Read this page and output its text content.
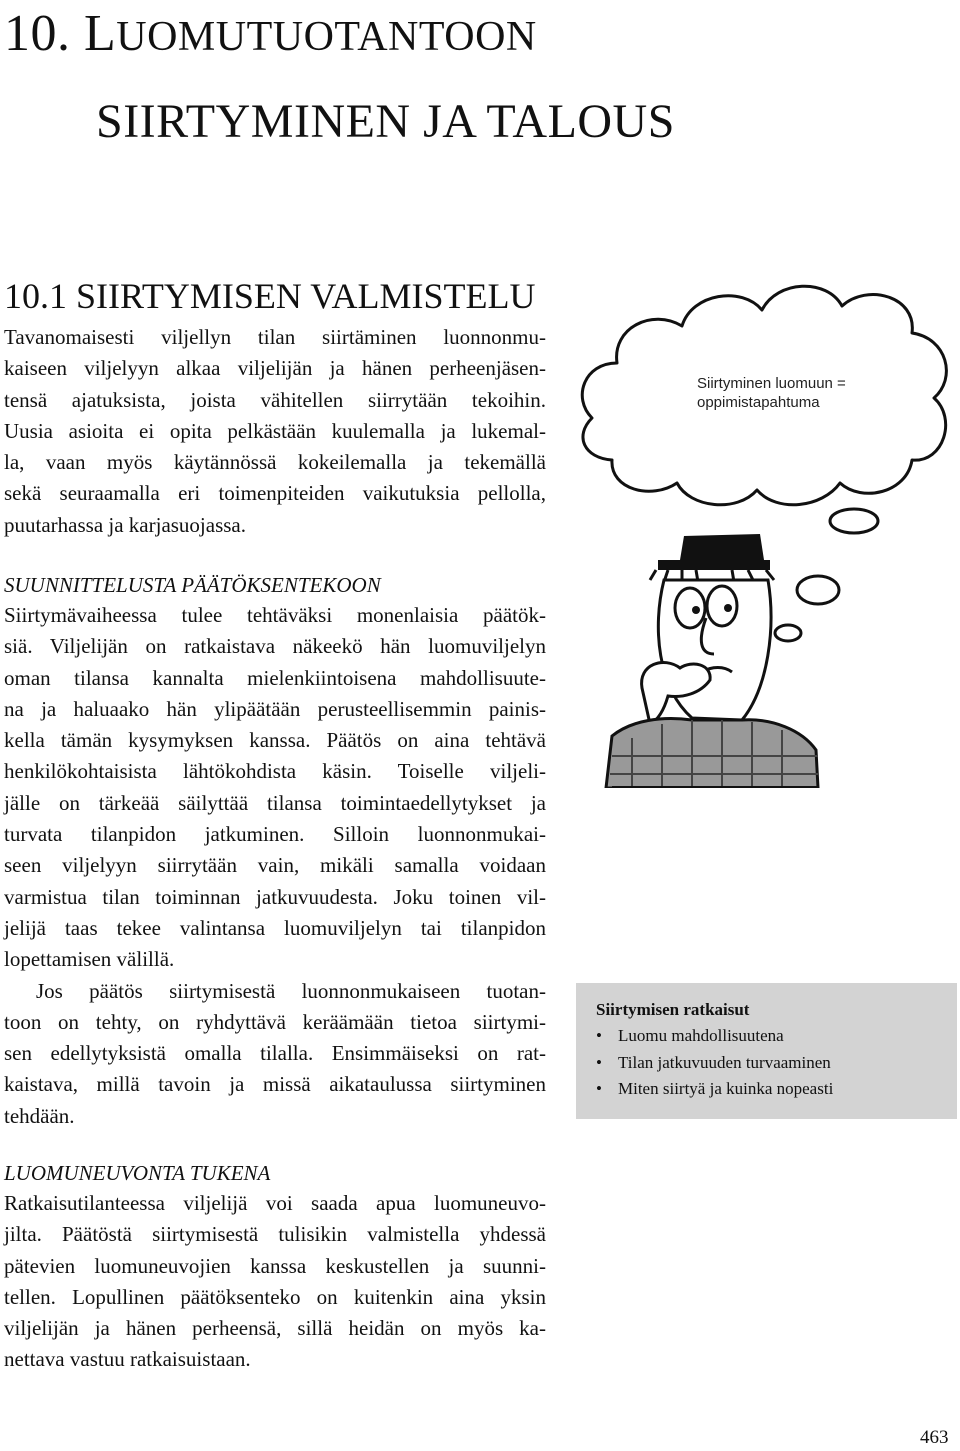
10. LUOMUTUOTANTOON
SIIRTYMINEN JA TALOUS
10.1 SIIRTYMISEN VALMISTELU
Tavanomaisesti viljellyn tilan siirtäminen luonnonmu-
kaiseen viljelyyn alkaa viljelijän ja hänen perheenjäsen-
tensä ajatuksista, joista vähitellen siirrytään tekoihin.
Uusia asioita ei opita pelkästään kuulemalla ja lukemal-
la, vaan myös käytännössä kokeilemalla ja tekemällä
sekä seuraamalla eri toimenpiteiden vaikutuksia pellolla,
puutarhassa ja karjasuojassa.
SUUNNITTELUSTA PÄÄTÖKSENTEKOON
Siirtymävaiheessa tulee tehtäväksi monenlaisia päätök-
siä. Viljelijän on ratkaistava näkeekö hän luomuviljelyn
oman tilansa kannalta mielenkiintoisena mahdollisuute-
na ja haluaako hän ylipäätään perusteellisemmin painis-
kella tämän kysymyksen kanssa. Päätös on aina tehtävä
henkilökohtaisista lähtökohdista käsin. Toiselle viljeli-
jälle on tärkeää säilyttää tilansa toimintaedellytykset ja
turvata tilanpidon jatkuminen. Silloin luonnonmukai-
seen viljelyyn siirrytään vain, mikäli samalla voidaan
varmistua tilan toiminnan jatkuvuudesta. Joku toinen vil-
jelijä taas tekee valintansa luomuviljelyn tai tilanpidon
lopettamisen välillä.
Jos päätös siirtymisestä luonnonmukaiseen tuotan-
toon on tehty, on ryhdyttävä keräämään tietoa siirtymi-
sen edellytyksistä omalla tilalla. Ensimmäiseksi on rat-
kaistava, millä tavoin ja missä aikataulussa siirtyminen
tehdään.
LUOMUNEUVONTA TUKENA
Ratkaisutilanteessa viljelijä voi saada apua luomuneuvo-
jilta. Päätöstä siirtymisestä tulisikin valmistella yhdessä
pätevien luomuneuvojien kanssa keskustellen ja suunni-
tellen. Lopullinen päätöksenteko on kuitenkin aina yksin
viljelijän ja hänen perheensä, sillä heidän on myös ka-
nettava vastuu ratkaisuistaan.
Siirtyminen luomuun =
oppimistapahtuma
Siirtymisen ratkaisut
• Luomu mahdollisuutena
• Tilan jatkuvuuden turvaaminen
• Miten siirtyä ja kuinka nopeasti
463
